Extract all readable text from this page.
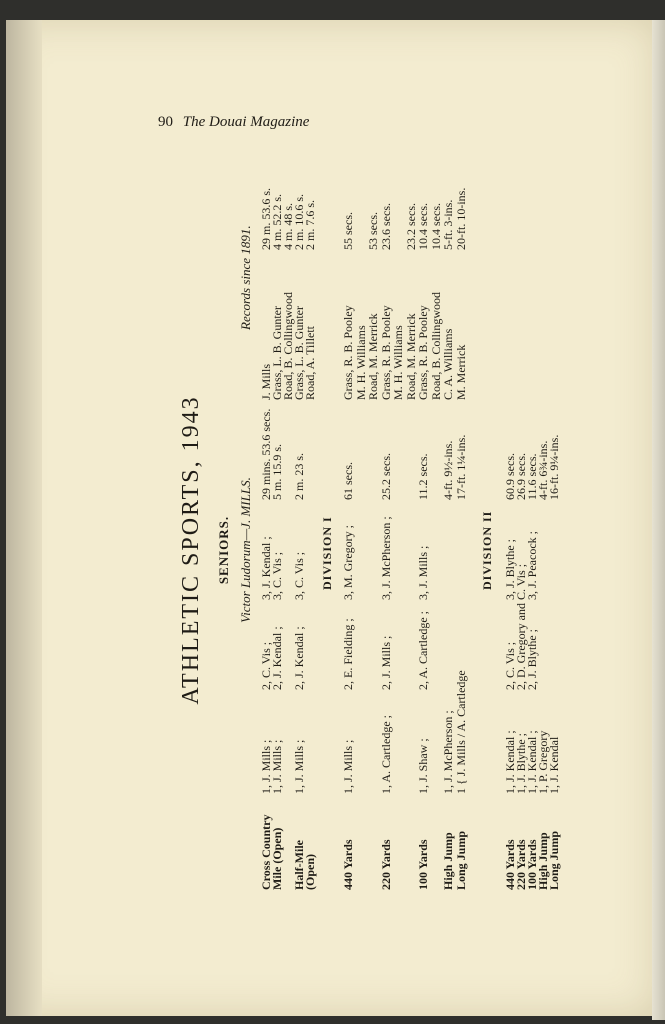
90 The Douai Magazine
ATHLETIC SPORTS, 1943 SENIORS. Victor Ludorum—J. MILLS.
Records since 1891.
Cross Country
1, J. Mills ;
2, C. Vis ;
3, J. Kendal ;
29 mins. 53.6 secs.
J. Mills
29 m. 53.6 s.
Mile (Open)
1, J. Mills ;
2, J. Kendal ;
3, C. Vis ;
5 m. 15.9 s.
Grass, L. B. Gunter
4 m. 52.2 s.
Road, B. Collingwood
4 m. 48 s.
Half-Mile
1, J. Mills ;
2, J. Kendal ;
3, C. Vis ;
2 m. 23 s.
Grass, L. B. Gunter
2 m. 10.6 s.
(Open)
Road, A. Tillett
2 m. 7.6 s.
DIVISION I
440 Yards
1, J. Mills ;
2, E. Fielding ;
3, M. Gregory ;
61 secs.
Grass, R. B. Pooley
55 secs.
M. H. Williams
Road, M. Merrick
53 secs.
220 Yards
1, A. Cartledge ;
2, J. Mills ;
3, J. McPherson ;
25.2 secs.
Grass, R. B. Pooley
23.6 secs.
M. H. Williams
Road, M. Merrick
23.2 secs.
100 Yards
1, J. Shaw ;
2, A. Cartledge ;
3, J. Mills ;
11.2 secs.
Grass, R. B. Pooley
10.4 secs.
Road, B. Collingwood
10.4 secs.
High Jump
1, J. McPherson ;
4-ft. 9½-ins.
C. A. Williams
5-ft. 3-ins.
Long Jump
1 { J. Mills / A. Cartledge
17-ft. 1¼-ins.
M. Merrick
20-ft. 10-ins.
DIVISION II
440 Yards
1, J. Kendal ;
2, C. Vis ;
3, J. Blythe ;
60.9 secs.
220 Yards
1, J. Blythe ;
2, D. Gregory and C. Vis ;
26.9 secs.
100 Yards
1, J. Kendal ;
2, J. Blythe ;
3, J. Peacock ;
11.6 secs.
High Jump
1, P. Gregory
4-ft. 6¾-ins.
Long Jump
1, J. Kendal
16-ft. 9¼-ins.
